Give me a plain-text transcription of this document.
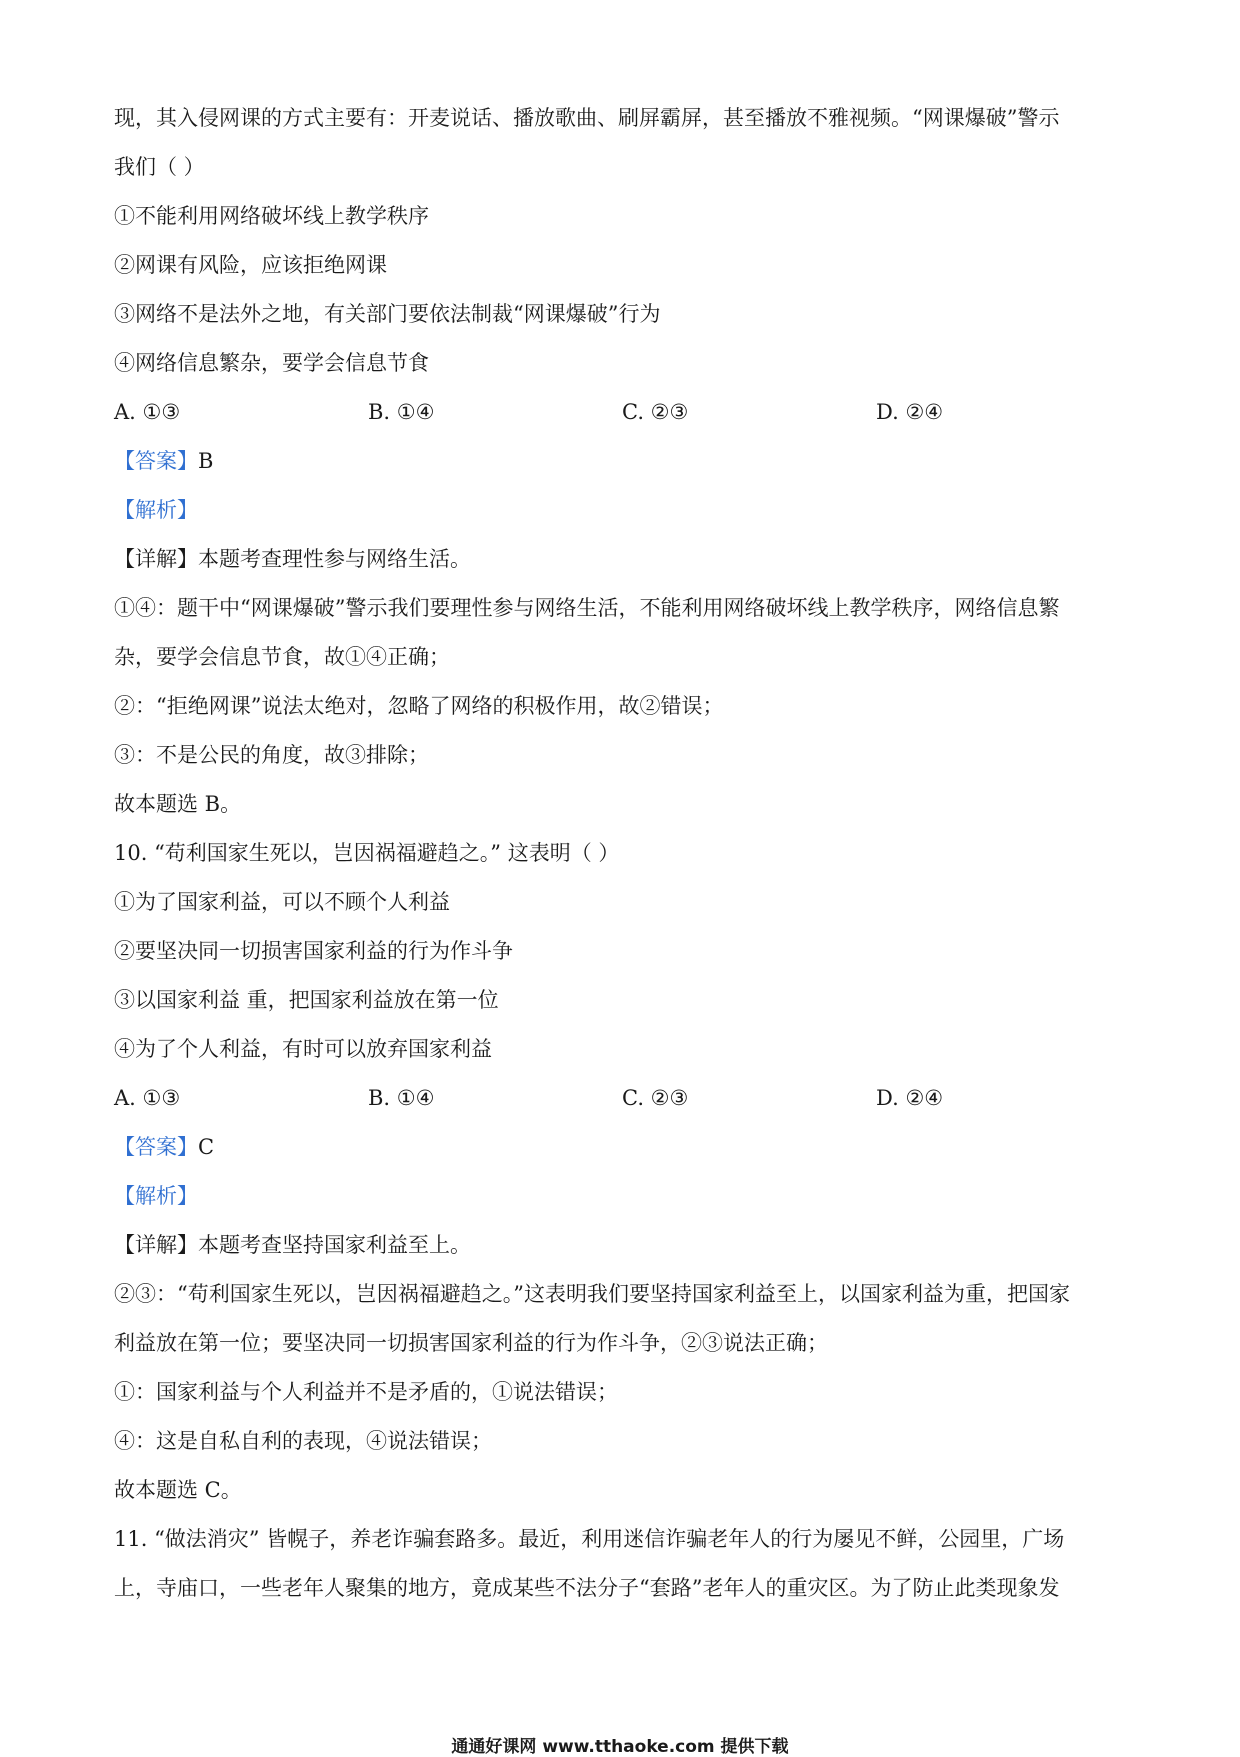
现，其入侵网课的方式主要有：开麦说话、播放歌曲、刷屏霸屏，甚至播放不雅视频。“网课爆破”警示
我们（ ）
①不能利用网络破坏线上教学秩序
②网课有风险，应该拒绝网课
③网络不是法外之地，有关部门要依法制裁“网课爆破”行为
④网络信息繁杂，要学会信息节食
A. ①③	B. ①④	C. ②③	D. ②④
【答案】B
【解析】
【详解】本题考查理性参与网络生活。
①④：题干中“网课爆破”警示我们要理性参与网络生活，不能利用网络破坏线上教学秩序，网络信息繁
杂，要学会信息节食，故①④正确；
②：“拒绝网课”说法太绝对，忽略了网络的积极作用，故②错误；
③：不是公民的角度，故③排除；
故本题选 B。
10. “苟利国家生死以，岂因祸福避趋之。” 这表明（ ）
①为了国家利益，可以不顾个人利益
②要坚决同一切损害国家利益的行为作斗争
③以国家利益 重，把国家利益放在第一位
④为了个人利益，有时可以放弃国家利益
A. ①③	B. ①④	C. ②③	D. ②④
【答案】C
【解析】
【详解】本题考查坚持国家利益至上。
②③：“苟利国家生死以，岂因祸福避趋之。”这表明我们要坚持国家利益至上，以国家利益为重，把国家
利益放在第一位；要坚决同一切损害国家利益的行为作斗争，②③说法正确；
①：国家利益与个人利益并不是矛盾的，①说法错误；
④：这是自私自利的表现，④说法错误；
故本题选 C。
11. “做法消灾” 皆幌子，养老诈骗套路多。最近，利用迷信诈骗老年人的行为屡见不鲜，公园里，广场
上，寺庙口，一些老年人聚集的地方，竟成某些不法分子“套路”老年人的重灾区。为了防止此类现象发
通通好课网 www.tthaoke.com 提供下载
